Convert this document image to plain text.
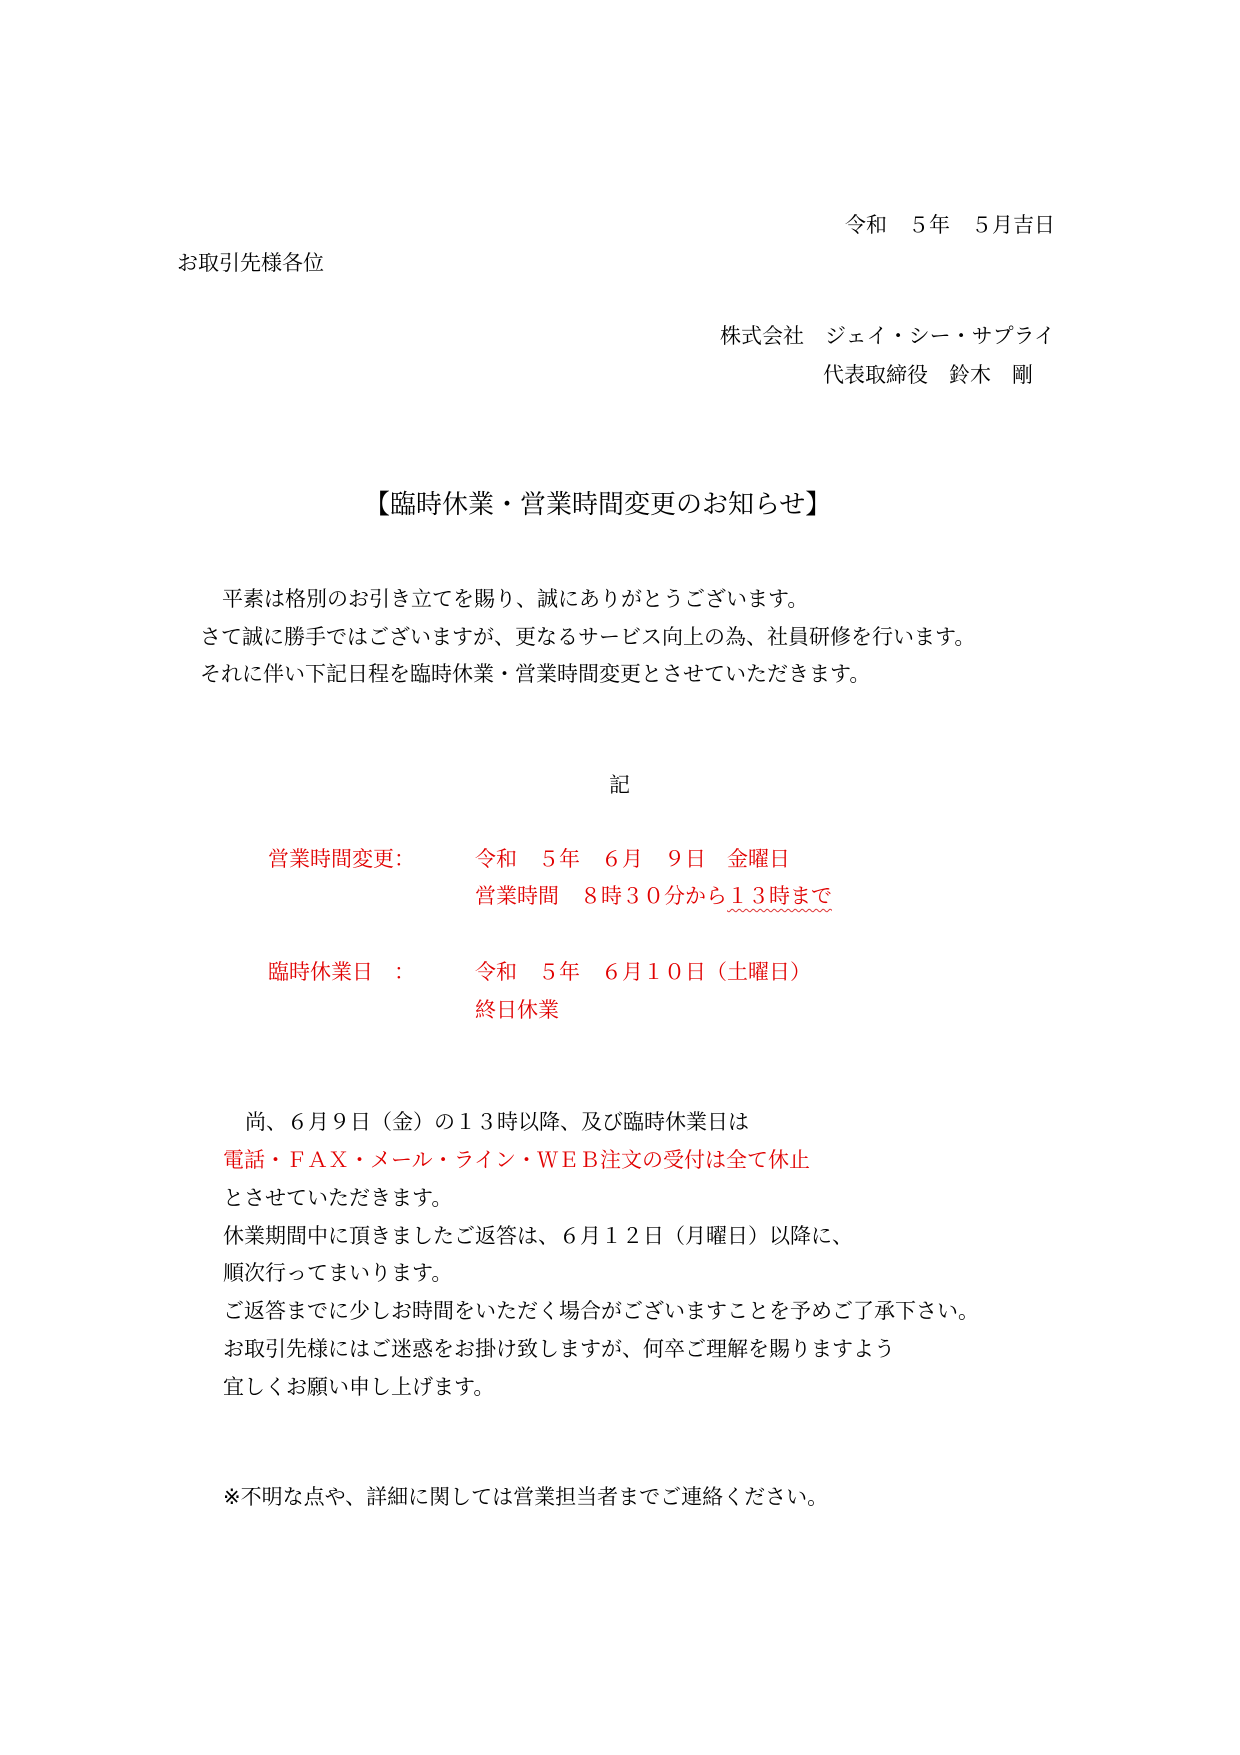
令和　５年　５月吉日
お取引先様各位
株式会社　ジェイ・シー・サプライ
代表取締役　鈴木　剛
【臨時休業・営業時間変更のお知らせ】
平素は格別のお引き立てを賜り、誠にありがとうございます。
さて誠に勝手ではございますが、更なるサービス向上の為、社員研修を行います。
それに伴い下記日程を臨時休業・営業時間変更とさせていただきます。
記
営業時間変更：	令和　５年　６月　９日　金曜日
営業時間　８時３０分から１３時まで
臨時休業日　：	令和　５年　６月１０日（土曜日）
終日休業
尚、６月９日（金）の１３時以降、及び臨時休業日は
電話・ＦＡＸ・メール・ライン・ＷＥＢ注文の受付は全て休止
とさせていただきます。
休業期間中に頂きましたご返答は、６月１２日（月曜日）以降に、
順次行ってまいります。
ご返答までに少しお時間をいただく場合がございますことを予めご了承下さい。
お取引先様にはご迷惑をお掛け致しますが、何卒ご理解を賜りますよう
宜しくお願い申し上げます。
※不明な点や、詳細に関しては営業担当者までご連絡ください。
